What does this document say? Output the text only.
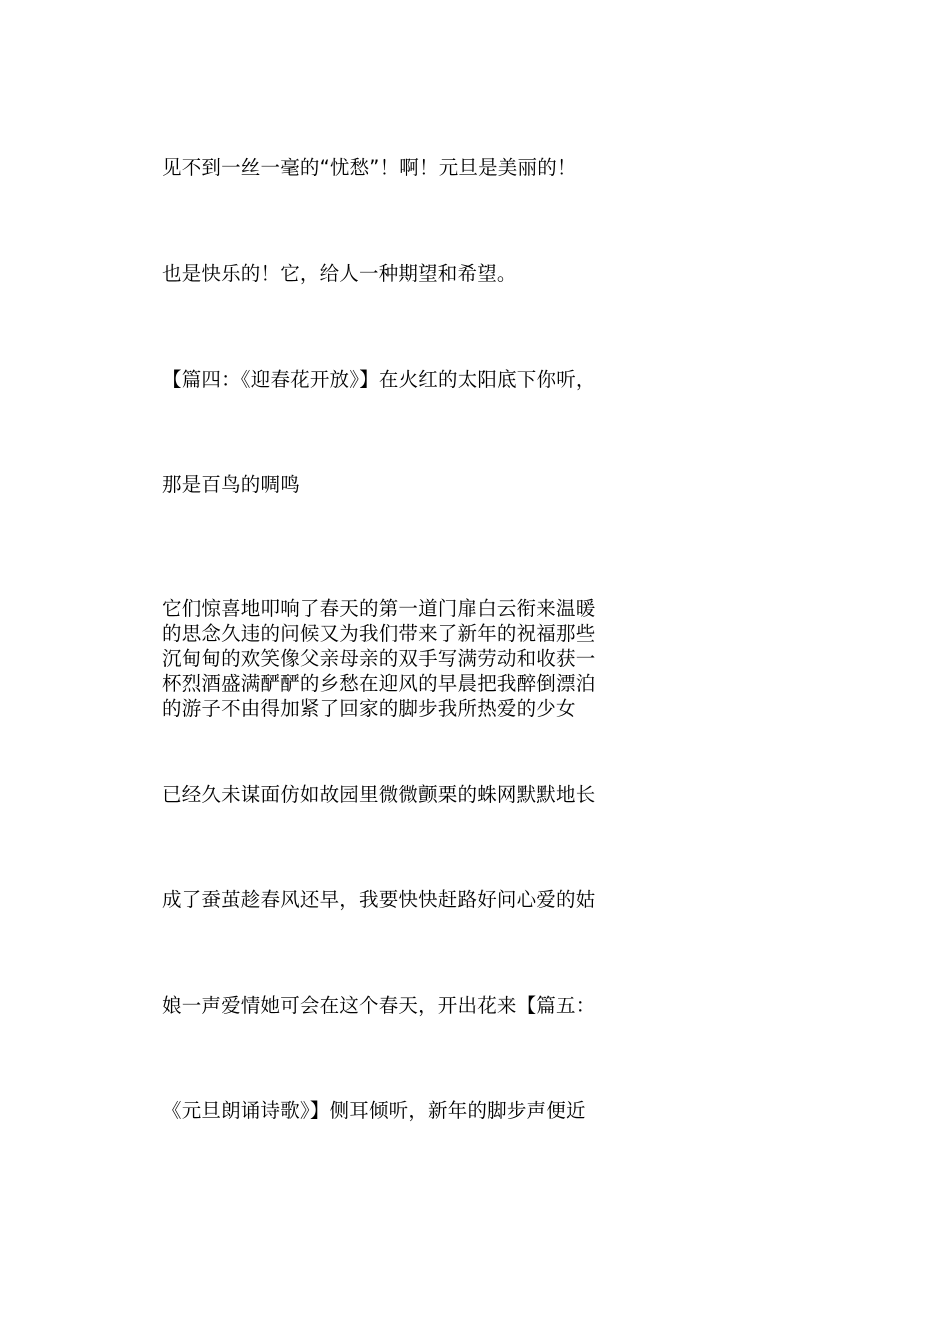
见不到一丝一毫的“忧愁”！啊！元旦是美丽的！
也是快乐的！它，给人一种期望和希望。
【篇四：《迎春花开放》】在火红的太阳底下你听，
那是百鸟的啁鸣
它们惊喜地叩响了春天的第一道门扉白云衔来温暖
的思念久违的问候又为我们带来了新年的祝福那些
沉甸甸的欢笑像父亲母亲的双手写满劳动和收获一
杯烈酒盛满酽酽的乡愁在迎风的早晨把我醉倒漂泊
的游子不由得加紧了回家的脚步我所热爱的少女
已经久未谋面仿如故园里微微颤栗的蛛网默默地长
成了蚕茧趁春风还早，我要快快赶路好问心爱的姑
娘一声爱情她可会在这个春天，开出花来【篇五：
《元旦朗诵诗歌》】侧耳倾听，新年的脚步声便近
